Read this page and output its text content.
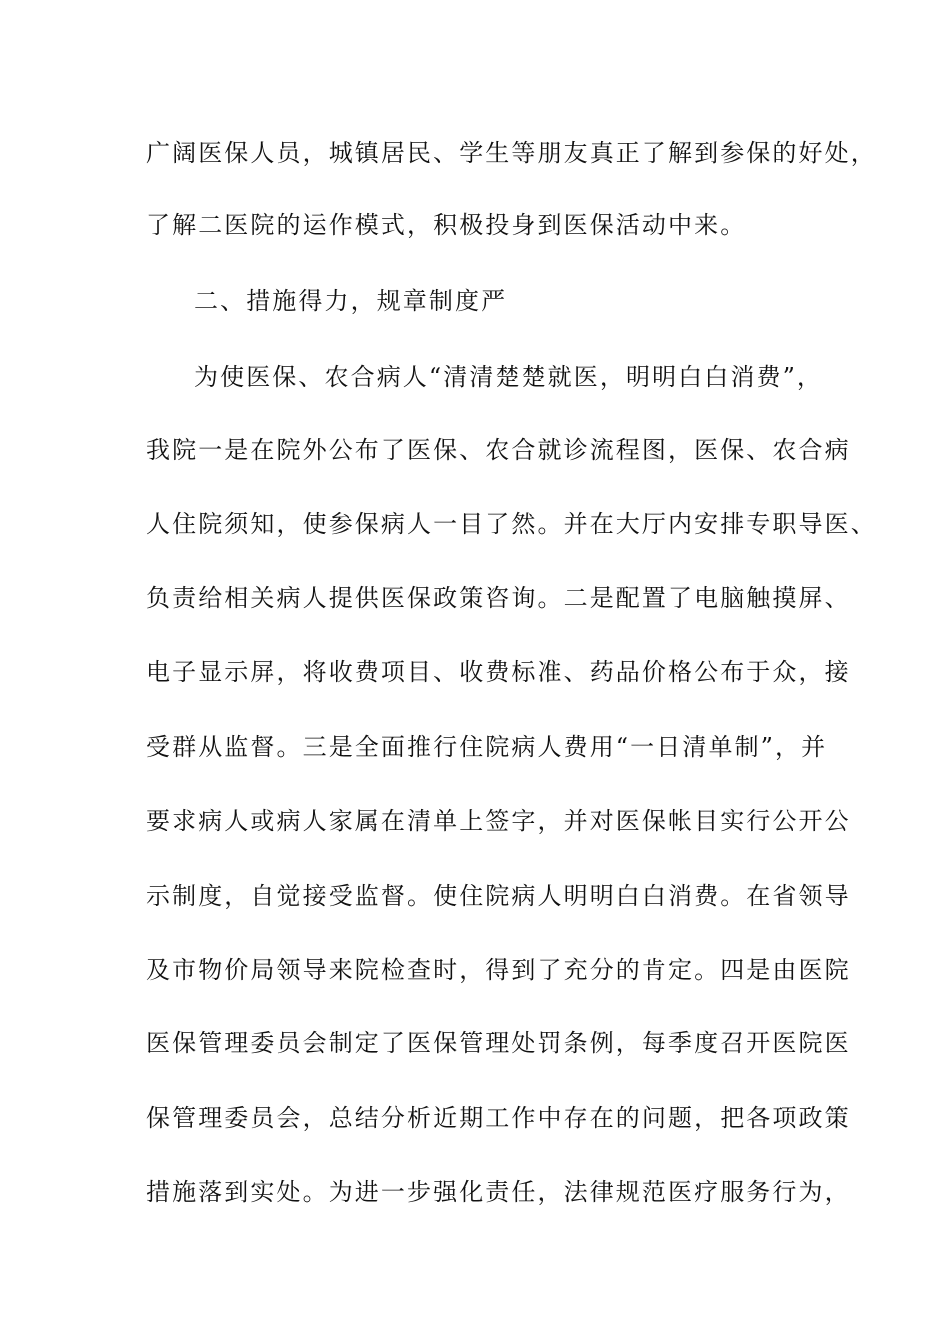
广阔医保人员，城镇居民、学生等朋友真正了解到参保的好处，
了解二医院的运作模式，积极投身到医保活动中来。
二、措施得力，规章制度严
为使医保、农合病人“清清楚楚就医，明明白白消费”，
我院一是在院外公布了医保、农合就诊流程图，医保、农合病
人住院须知，使参保病人一目了然。并在大厅内安排专职导医、
负责给相关病人提供医保政策咨询。二是配置了电脑触摸屏、
电子显示屏，将收费项目、收费标准、药品价格公布于众，接
受群从监督。三是全面推行住院病人费用“一日清单制”，并
要求病人或病人家属在清单上签字，并对医保帐目实行公开公
示制度，自觉接受监督。使住院病人明明白白消费。在省领导
及市物价局领导来院检查时，得到了充分的肯定。四是由医院
医保管理委员会制定了医保管理处罚条例，每季度召开医院医
保管理委员会，总结分析近期工作中存在的问题，把各项政策
措施落到实处。为进一步强化责任，法律规范医疗服务行为，
